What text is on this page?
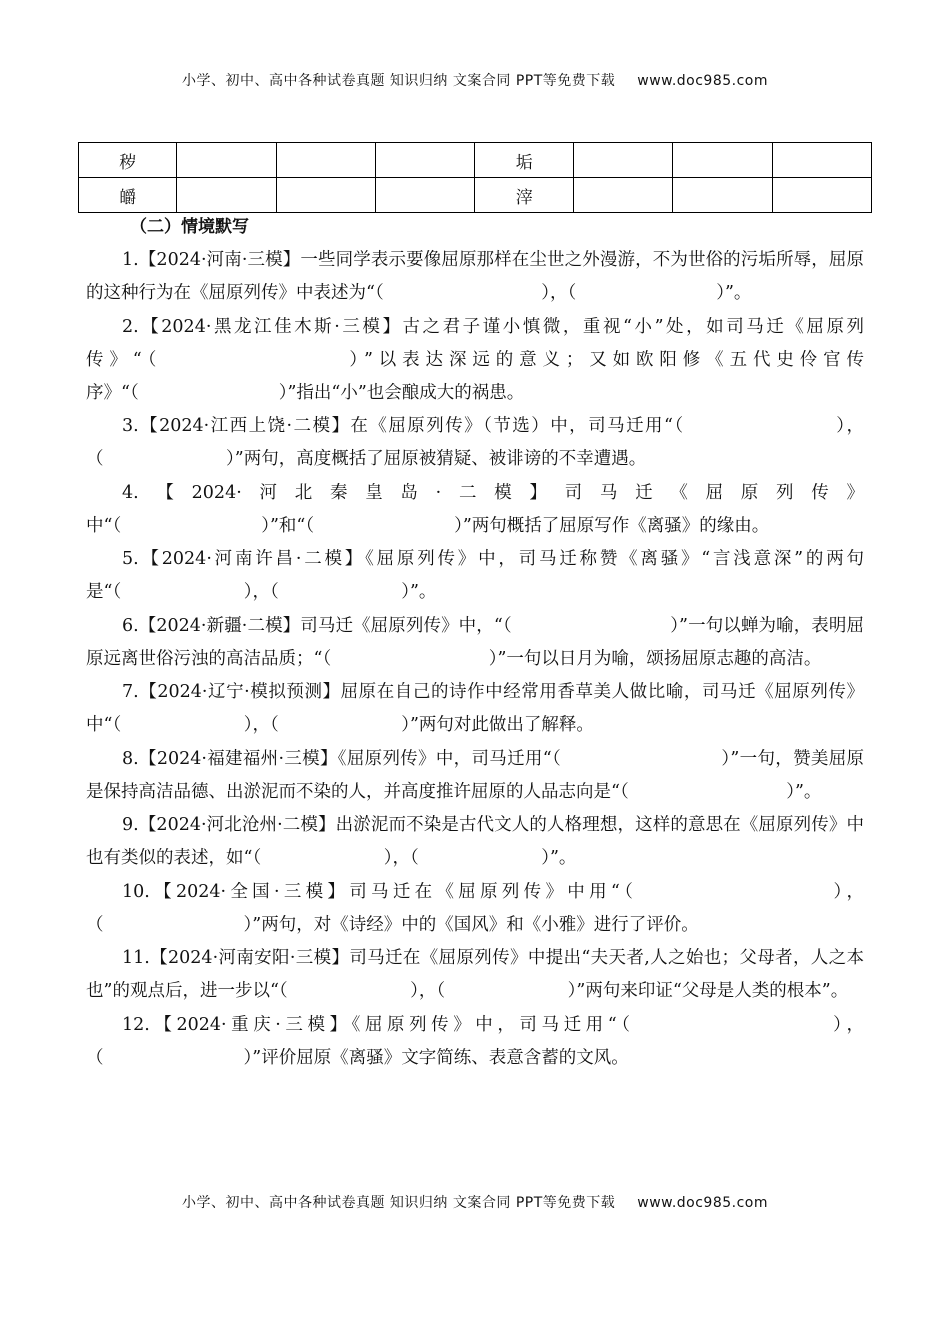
小学、初中、高中各种试卷真题 知识归纳 文案合同 PPT等免费下载 www.doc985.com
秽				垢			
皭				滓			
（二）情境默写

1.【2024·河南·三模】一些同学表示要像屈原那样在尘世之外漫游，不为世俗的污垢所辱，屈原的这种行为在《屈原列传》中表述为“（　　　　　　　　　），（　　　　　　　　）”。

2.【2024·黑龙江佳木斯·三模】古之君子谨小慎微，重视“小”处，如司马迁《屈原列传》“（　　　　　　　　）”以表达深远的意义；又如欧阳修《五代史伶官传序》“（　　　　　　　　）”指出“小”也会酿成大的祸患。

3.【2024·江西上饶·二模】在《屈原列传》（节选）中，司马迁用“（　　　　　　　　），（　　　　　　　）”两句，高度概括了屈原被猜疑、被诽谤的不幸遭遇。

4.【2024·河北秦皇岛·二模】司马迁《屈原列传》中“（　　　　　　　　）”和“（　　　　　　　　）”两句概括了屈原写作《离骚》的缘由。

5.【2024·河南许昌·二模】《屈原列传》中，司马迁称赞《离骚》“言浅意深”的两句是“（　　　　　　　），（　　　　　　　）”。

6.【2024·新疆·二模】司马迁《屈原列传》中，“（　　　　　　　　　）”一句以蝉为喻，表明屈原远离世俗污浊的高洁品质；“（　　　　　　　　　）”一句以日月为喻，颂扬屈原志趣的高洁。

7.【2024·辽宁·模拟预测】屈原在自己的诗作中经常用香草美人做比喻，司马迁《屈原列传》中“（　　　　　　　），（　　　　　　　）”两句对此做出了解释。

8.【2024·福建福州·三模】《屈原列传》中，司马迁用“（　　　　　　　　　）”一句，赞美屈原是保持高洁品德、出淤泥而不染的人，并高度推许屈原的人品志向是“（　　　　　　　　　）”。

9.【2024·河北沧州·二模】出淤泥而不染是古代文人的人格理想，这样的意思在《屈原列传》中也有类似的表述，如“（　　　　　　　），（　　　　　　　）”。

10.【2024·全国·三模】司马迁在《屈原列传》中用“（　　　　　　　　　），（　　　　　　　　）”两句，对《诗经》中的《国风》和《小雅》进行了评价。

11.【2024·河南安阳·三模】司马迁在《屈原列传》中提出“夫天者,人之始也；父母者，人之本也”的观点后，进一步以“（　　　　　　　），（　　　　　　　）”两句来印证“父母是人类的根本”。

12.【2024·重庆·三模】《屈原列传》中，司马迁用“（　　　　　　　　　），（　　　　　　　　）”评价屈原《离骚》文字简练、表意含蓄的文风。

小学、初中、高中各种试卷真题 知识归纳 文案合同 PPT等免费下载 www.doc985.com
